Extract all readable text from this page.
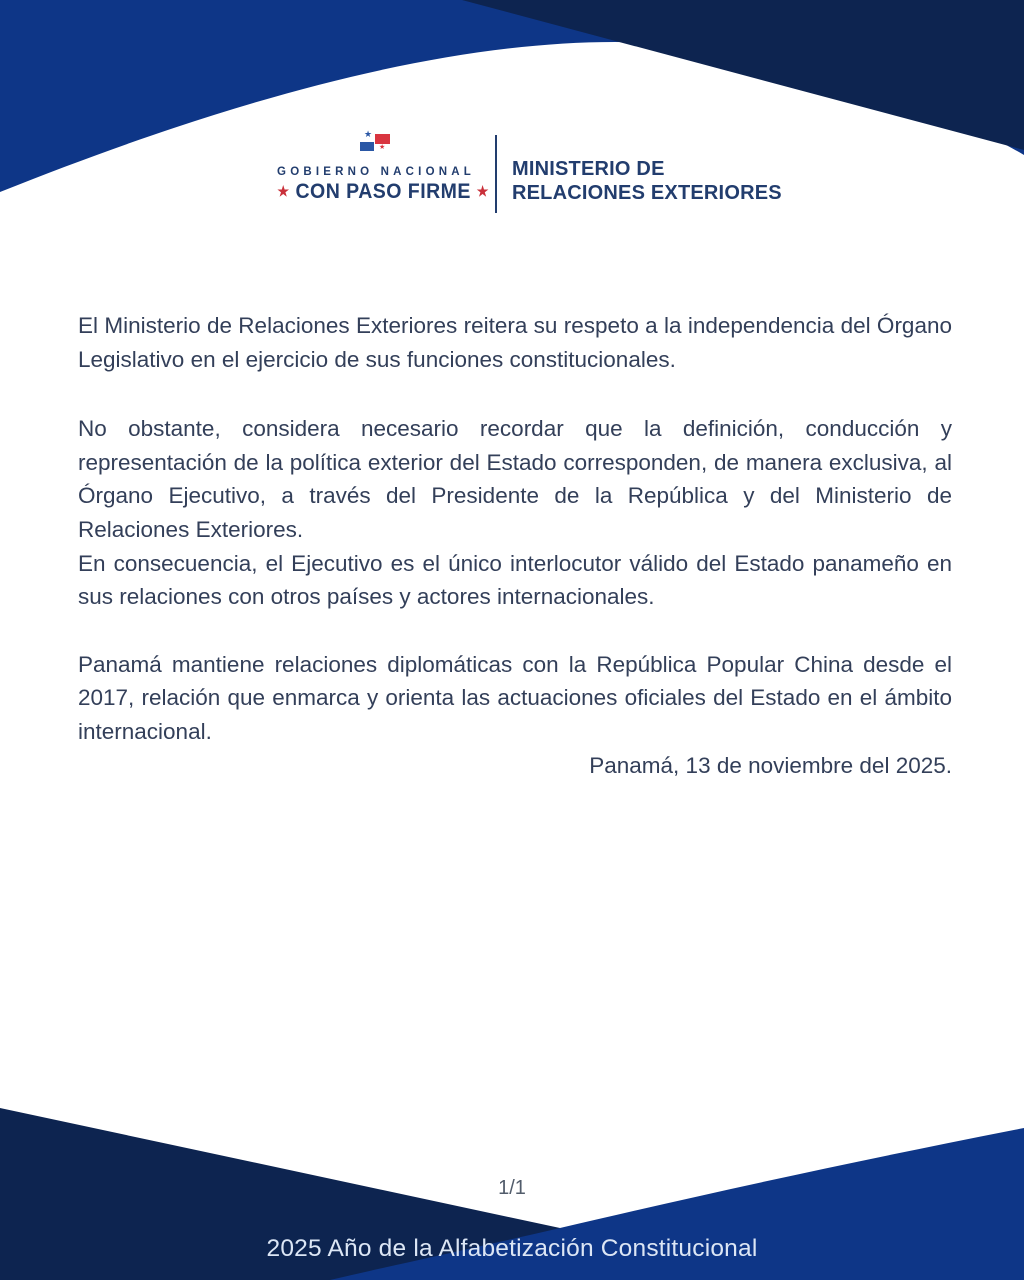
★
★
GOBIERNO NACIONAL
★ CON PASO FIRME ★
MINISTERIO DE
RELACIONES EXTERIORES

El Ministerio de Relaciones Exteriores reitera su respeto a la independencia del Órgano Legislativo en el ejercicio de sus funciones constitucionales.

No obstante, considera necesario recordar que la definición, conducción y representación de la política exterior del Estado corresponden, de manera exclusiva, al Órgano Ejecutivo, a través del Presidente de la República y del Ministerio de Relaciones Exteriores.

En consecuencia, el Ejecutivo es el único interlocutor válido del Estado panameño en sus relaciones con otros países y actores internacionales.

Panamá mantiene relaciones diplomáticas con la República Popular China desde el 2017, relación que enmarca y orienta las actuaciones oficiales del Estado en el ámbito internacional.

Panamá, 13 de noviembre del 2025.

1/1
2025 Año de la Alfabetización Constitucional
